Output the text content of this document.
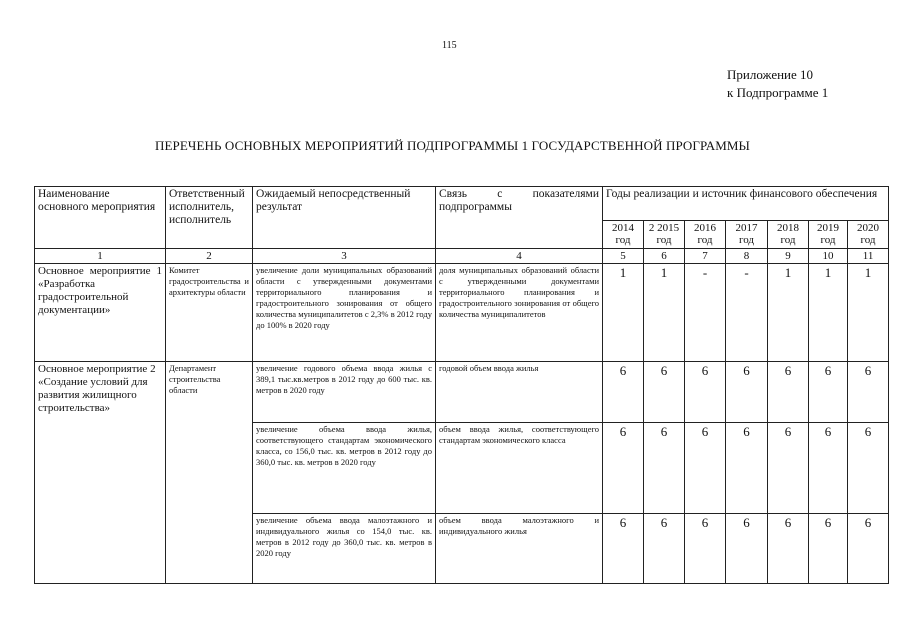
115
Приложение 10
к Подпрограмме 1
ПЕРЕЧЕНЬ ОСНОВНЫХ МЕРОПРИЯТИЙ ПОДПРОГРАММЫ 1 ГОСУДАРСТВЕННОЙ ПРОГРАММЫ
Наименование основного мероприятия	Ответственный исполнитель, исполнитель	Ожидаемый непосредственный результат	Связь с показателями подпрограммы	Годы реализации и источник финансового обеспечения						
				2014 год	2 2015 год	2016 год	2017 год	2018 год	2019 год	2020 год
1	2	3	4	5	6	7	8	9	10	11
Основное мероприятие 1 «Разработка градостроительной документации»	Комитет градостроительства и архитектуры области	увеличение доли муниципальных образований области с утвержденными документами территориального планирования и градостроительного зонирования от общего количества муниципалитетов с 2,3% в 2012 году до 100% в 2020 году	доля муниципальных образований области с утвержденными документами территориального планирования и градостроительного зонирования от общего количества муниципалитетов	1	1	-	-	1	1	1
Основное мероприятие 2 «Создание условий для развития жилищного строительства»	Департамент строительства области	увеличение годового объема ввода жилья с 389,1 тыс.кв.метров в 2012 году до 600 тыс. кв. метров в 2020 году	годовой объем ввода жилья	6	6	6	6	6	6	6
		увеличение объема ввода жилья, соответствующего стандартам экономического класса, со 156,0 тыс. кв. метров в 2012 году до 360,0 тыс. кв. метров в 2020 году	объем ввода жилья, соответствующего стандартам экономического класса	6	6	6	6	6	6	6
		увеличение объема ввода малоэтажного и индивидуального жилья со 154,0 тыс. кв. метров в 2012 году до 360,0 тыс. кв. метров в 2020 году	объем ввода малоэтажного и индивидуального жилья	6	6	6	6	6	6	6
